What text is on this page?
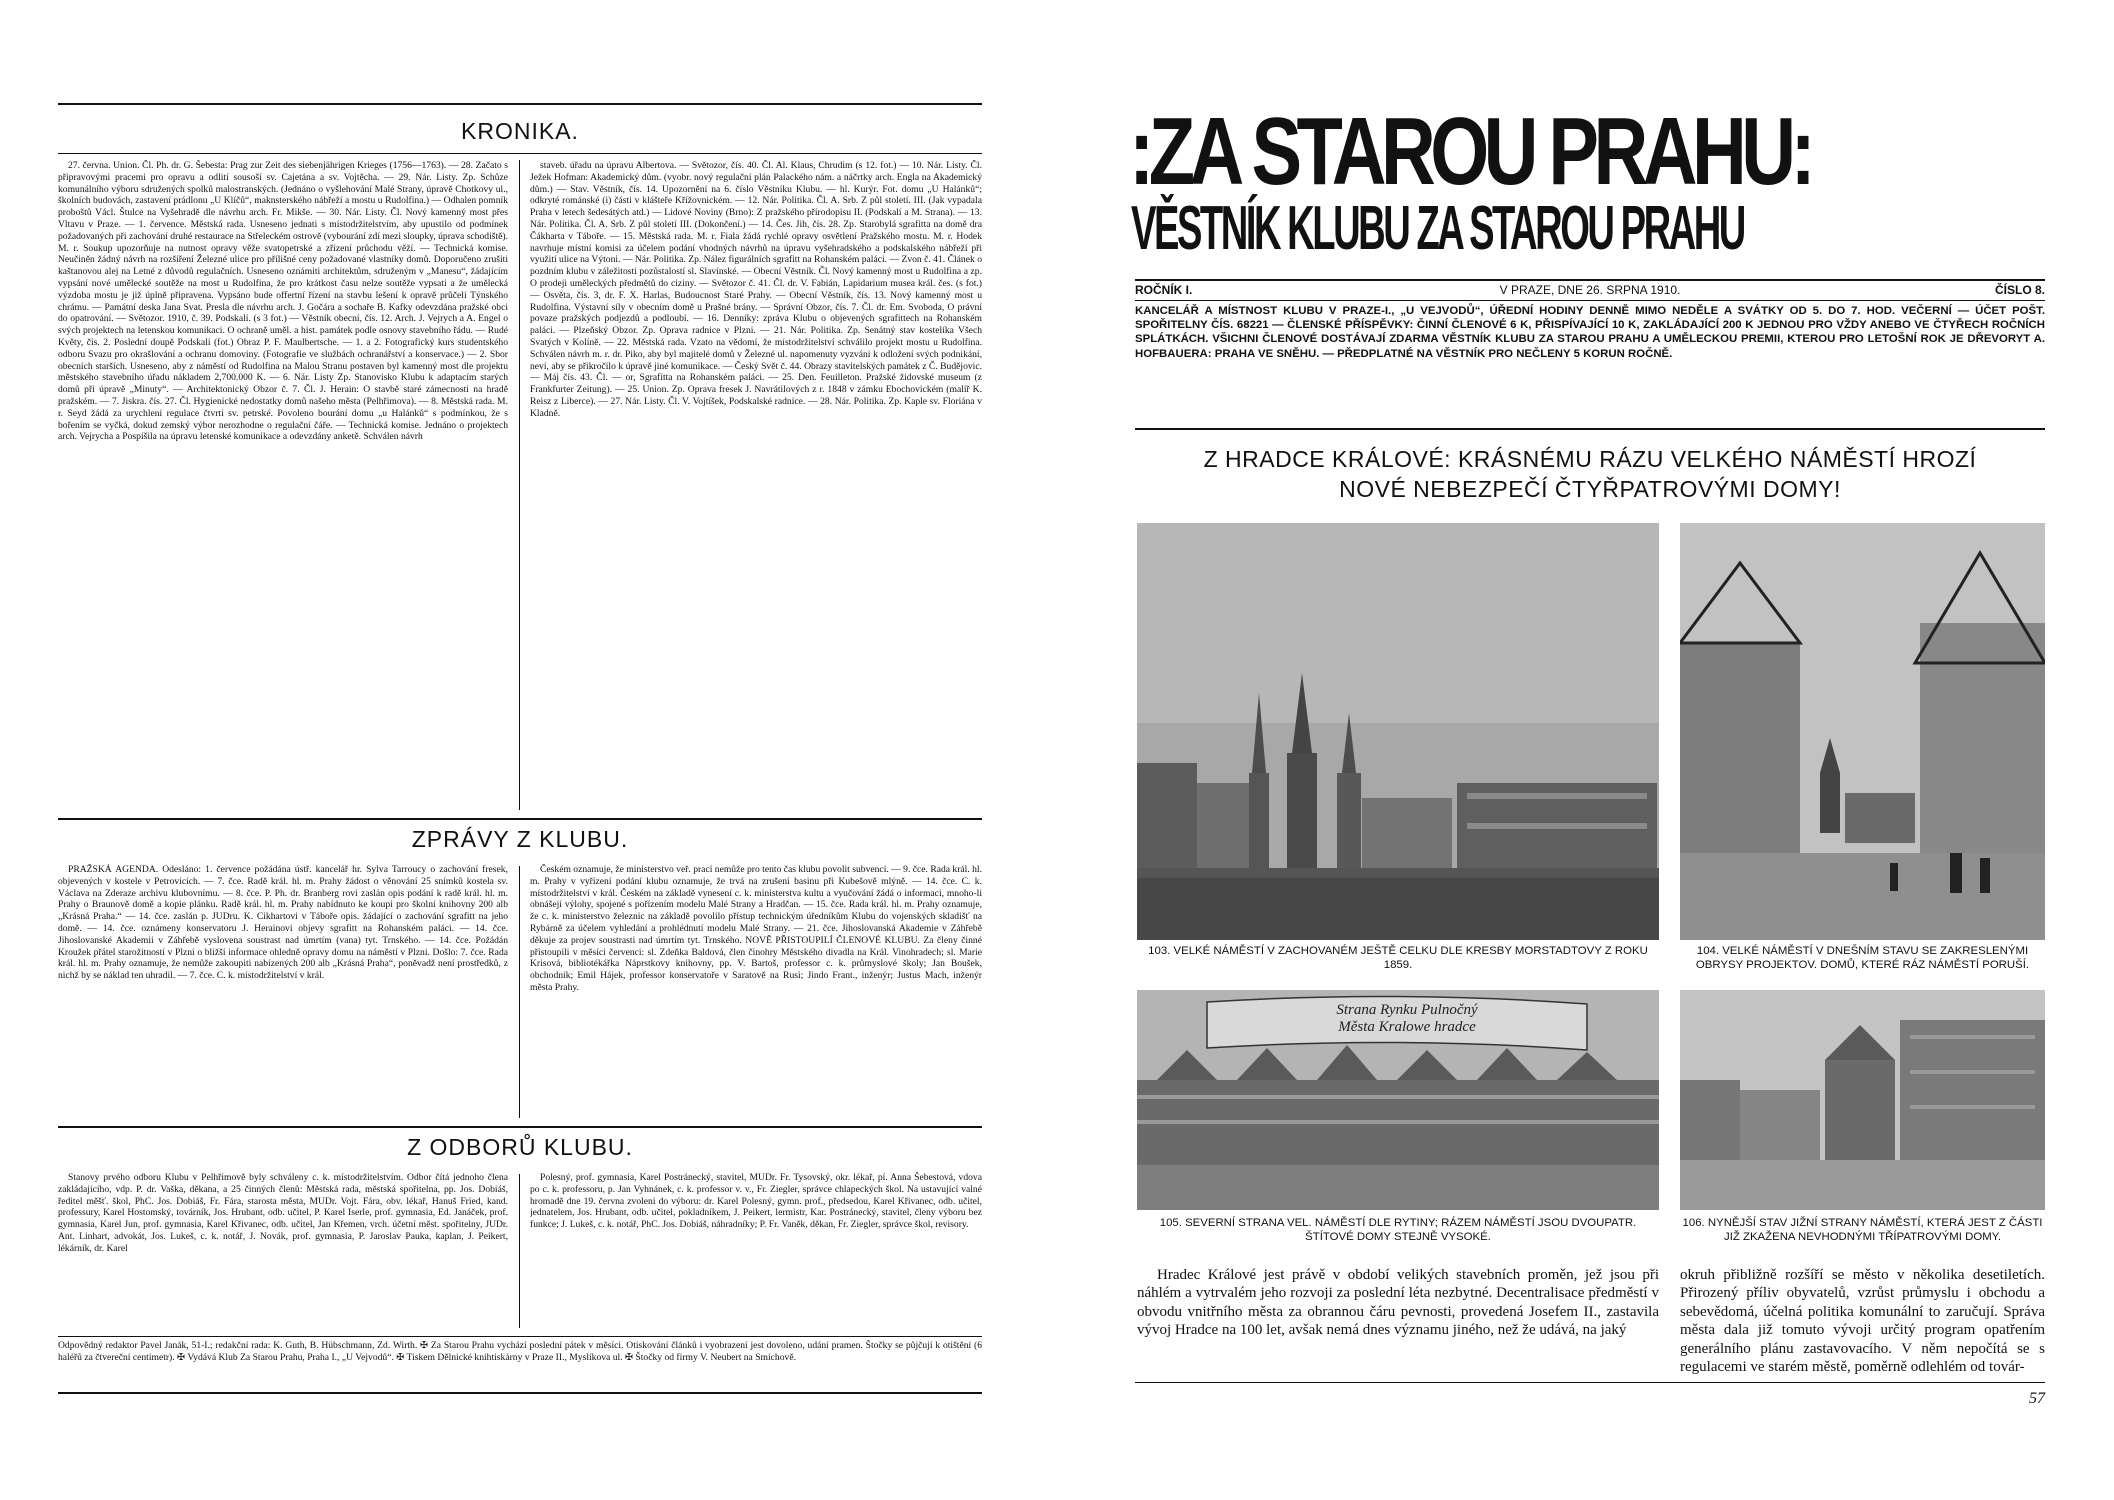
KRONIKA.

27. června. Union. Čl. Ph. dr. G. Šebesta: Prag zur Zeit des siebenjährigen Krieges (1756—1763). — 28. Začato s připravovými pracemi pro opravu a odlití sousoší sv. Cajetána a sv. Vojtěcha. — 29. Nár. Listy. Zp. Schůze komunálního výboru sdružených spolků malostranských. (Jednáno o vyšlehování Malé Strany, úpravě Chotkovy ul., školních budovách, zastavení prádlonu „U Klíčů“, maknsterského nábřeží a mostu u Rudolfina.) — Odhalen pomník proboštů Václ. Štulce na Vyšehradě dle návrhu arch. Fr. Mikše. — 30. Nár. Listy. Čl. Nový kamenný most přes Vltavu v Praze. — 1. července. Městská rada. Usneseno jednati s místodržitelstvím, aby upustilo od podmínek požadovaných při zachování druhé restaurace na Střeleckém ostrově (vybourání zdí mezi sloupky, úprava schodiště). M. r. Soukup upozorňuje na nutnost opravy věže svatopetrské a zřízení průchodu věží. — Technická komise. Neučiněn žádný návrh na rozšíření Železné ulice pro přílišné ceny požadované vlastníky domů. Doporučeno zrušiti kaštanovou alej na Letné z důvodů regulačních. Usneseno oznámiti architektům, sdruženým v „Manesu“, žádajícím vypsání nové umělecké soutěže na most u Rudolfina, že pro krátkost času nelze soutěže vypsati a že umělecká výzdoba mostu je již úplně připravena. Vypsáno bude offertní řízení na stavbu lešení k opravě průčelí Týnského chrámu. — Památní deska Jana Svat. Presla dle návrhu arch. J. Gočára a sochaře B. Kafky odevzdána pražské obci do opatrování. — Světozor. 1910, č. 39. Podskalí. (s 3 fot.) — Věstník obecní, čís. 12. Arch. J. Vejrych a A. Engel o svých projektech na letenskou komunikaci. O ochraně uměl. a hist. památek podle osnovy stavebního řádu. — Rudé Květy, čís. 2. Poslední doupě Podskalí (fot.) Obraz P. F. Maulbertsche. — 1. a 2. Fotografický kurs studentského odboru Svazu pro okrašlování a ochranu domoviny. (Fotografie ve službách ochranářství a konservace.) — 2. Sbor obecních starších. Usneseno, aby z náměstí od Rudolfina na Malou Stranu postaven byl kamenný most dle projektu městského stavebního úřadu nákladem 2,700.000 K. — 6. Nár. Listy Zp. Stanovisko Klubu k adaptacím starých domů při úpravě „Minuty“. — Architektonický Obzor č. 7. Čl. J. Herain: O stavbě staré zámecnosti na hradě pražském. — 7. Jiskra. čís. 27. Čl. Hygienické nedostatky domů našeho města (Pelhřimova). — 8. Městská rada. M. r. Seyd žádá za urychlení regulace čtvrti sv. petrské. Povoleno bourání domu „u Halánků“ s podmínkou, že s bořením se vyčká, dokud zemský výbor nerozhodne o regulační čáře. — Technická komise. Jednáno o projektech arch. Vejrycha a Pospíšila na úpravu letenské komunikace a odevzdány anketě. Schválen návrh

staveb. úřadu na úpravu Albertova. — Světozor, čís. 40. Čl. Al. Klaus, Chrudim (s 12. fot.) — 10. Nár. Listy. Čl. Ježek Hofman: Akademický dům. (vyobr. nový regulační plán Palackého nám. a náčrtky arch. Engla na Akademický dům.) — Stav. Věstník, čís. 14. Upozornění na 6. číslo Věstníku Klubu. — hl. Kurýr. Fot. domu „U Halánků“; odkryté románské (i) části v klášteře Křížovnickém. — 12. Nár. Politika. Čl. A. Srb. Z půl století. III. (Jak vypadala Praha v letech šedesátých atd.) — Lidové Noviny (Brno): Z pražského přírodopisu II. (Podskalí a M. Strana). — 13. Nár. Politika. Čl. A. Srb. Z půl století III. (Dokončení.) — 14. Čes. Jih, čís. 28. Zp. Starobylá sgrafitta na domě dra Čákharta v Táboře. — 15. Městská rada. M. r. Fiala žádá rychlé opravy osvětlení Pražského mostu. M. r. Hodek navrhuje místní komisi za účelem podání vhodných návrhů na úpravu vyšehradského a podskalského nábřeží při využití ulice na Výtoni. — Nár. Politika. Zp. Nález figurálních sgrafitt na Rohanském paláci. — Zvon č. 41. Článek o pozdním klubu v záležitosti pozůstalostí sl. Slavínské. — Obecní Věstník. Čl. Nový kamenný most u Rudolfina a zp. O prodeji uměleckých předmětů do ciziny. — Světozor č. 41. Čl. dr. V. Fabián, Lapidarium musea král. čes. (s fot.) — Osvěta, čís. 3, dr. F. X. Harlas, Budoucnost Staré Prahy. — Obecní Věstník, čís. 13. Nový kamenný most u Rudolfina. Výstavní síly v obecním domě u Prašné brány. — Správní Obzor, čís. 7. Čl. dr. Em. Svoboda, O právní povaze pražských podjezdů a podloubí. — 16. Denníky: zpráva Klubu o objevených sgrafittech na Rohanském paláci. — Plzeňský Obzor. Zp. Oprava radnice v Plzni. — 21. Nár. Politika. Zp. Senátný stav kostelíka Všech Svatých v Kolíně. — 22. Městská rada. Vzato na vědomí, že místodržitelství schválilo projekt mostu u Rudolfina. Schválen návrh m. r. dr. Piko, aby byl majitelé domů v Železné ul. napomenuty vyzváni k odložení svých podnikání, neví, aby se přikročilo k úpravě jiné komunikace. — Český Svět č. 44. Obrazy stavitelských památek z Č. Budějovic. — Máj čís. 43. Čl. — or, Sgrafitta na Rohanském paláci. — 25. Den. Feuilleton. Pražské židovské museum (z Frankfurter Zeitung). — 25. Union. Zp. Oprava fresek J. Navrátilových z r. 1848 v zámku Ebochovickém (malíř K. Reisz z Liberce). — 27. Nár. Listy. Čl. V. Vojtíšek, Podskalské radnice. — 28. Nár. Politika. Zp. Kaple sv. Floriána v Kladně.

ZPRÁVY Z KLUBU.

PRAŽSKÁ AGENDA. Odesláno: 1. července požádána ústř. kancelář hr. Sylva Tarroucy o zachování fresek, objevených v kostele v Petrovicích. — 7. čce. Radě král. hl. m. Prahy žádost o věnování 25 snímků kostela sv. Václava na Zderaze archivu klubovnímu. — 8. čce. P. Ph. dr. Branberg rovi zaslán opis podání k radě král. hl. m. Prahy o Braunově domě a kopie plánku. Radě král. hl. m. Prahy nabídnuto ke koupi pro školní knihovny 200 alb „Krásná Praha.“ — 14. čce. zaslán p. JUDru. K. Cikhartovi v Táboře opis. žádající o zachování sgrafitt na jeho domě. — 14. čce. oznámeny konservatoru J. Herainovi objevy sgrafitt na Rohanském paláci. — 14. čce. Jihoslovanské Akademii v Záhřebě vyslovena soustrast nad úmrtím (vana) tyt. Trnského. — 14. čce. Požádán Kroužek přátel starožitností v Plzni o bližší informace ohledně opravy domu na náměstí v Plzni. Došlo: 7. čce. Rada král. hl. m. Prahy oznamuje, že nemůže zakoupiti nabízených 200 alb „Krásná Praha“, poněvadž není prostředků, z nichž by se náklad ten uhradil. — 7. čce. C. k. místodržitelství v král.

Českém oznamuje, že ministerstvo veř. prací nemůže pro tento čas klubu povolit subvenci. — 9. čce. Rada král. hl. m. Prahy v vyřízení podání klubu oznamuje, že trvá na zrušení basinu při Kubešově mlýně. — 14. čce. C. k. místodržitelství v král. Českém na základě vynesení c. k. ministerstva kultu a vyučování žádá o informaci, mnoho-li obnášejí výlohy, spojené s pořízením modelu Malé Strany a Hradčan. — 15. čce. Rada král. hl. m. Prahy oznamuje, že c. k. ministerstvo železnic na základě povolilo přístup technickým úředníkům Klubu do vojenských skladišť na Rybárně za účelem vyhledání a prohlédnutí modelu Malé Strany. — 21. čce. Jihoslovanská Akademie v Záhřebě děkuje za projev soustrasti nad úmrtím tyt. Trnského. NOVĚ PŘISTOUPILÍ ČLENOVÉ KLUBU. Za členy činné přistoupili v měsíci červenci: sl. Zdeňka Baldová, člen činohry Městského divadla na Král. Vinohradech; sl. Marie Krisová, bibliotékářka Náprstkovy knihovny, pp. V. Bartoš, professor c. k. průmyslové školy; Jan Boušek, obchodník; Emil Hájek, professor konservatoře v Saratově na Rusi; Jindo Frant., inženýr; Justus Mach, inženýr města Prahy.

Z ODBORŮ KLUBU.

Stanovy prvého odboru Klubu v Pelhřimově byly schváleny c. k. místodržitelstvím. Odbor čítá jednoho člena zakládajícího, vdp. P. dr. Vaška, děkana, a 25 činných členů: Městská rada, městská spořitelna, pp. Jos. Dobiáš, ředitel měšť. škol, PhC. Jos. Dobiáš, Fr. Fára, starosta města, MUDr. Vojt. Fára, obv. lékař, Hanuš Fried, kand. professury, Karel Hostomský, továrník, Jos. Hrubant, odb. učitel, P. Karel Iserle, prof. gymnasia, Ed. Janáček, prof. gymnasia, Karel Jun, prof. gymnasia, Karel Křivanec, odb. učitel, Jan Křemen, vrch. účetní měst. spořitelny, JUDr. Ant. Linhart, advokát, Jos. Lukeš, c. k. notář, J. Novák, prof. gymnasia, P. Jaroslav Pauka, kaplan, J. Peikert, lékárník, dr. Karel

Polesný, prof. gymnasia, Karel Postránecký, stavitel, MUDr. Fr. Tysovský, okr. lékař, pí. Anna Šebestová, vdova po c. k. professoru, p. Jan Vyhnánek, c. k. professor v. v., Fr. Ziegler, správce chlapeckých škol. Na ustavující valné hromadě dne 19. června zvoleni do výboru: dr. Karel Polesný, gymn. prof., předsedou, Karel Křivanec, odb. učitel, jednatelem, Jos. Hrubant, odb. učitel, pokladníkem, J. Peikert, lermistr, Kar. Postránecký, stavitel, členy výboru bez funkce; J. Lukeš, c. k. notář, PhC. Jos. Dobiáš, náhradníky; P. Fr. Vaněk, děkan, Fr. Ziegler, správce škol, revisory.

Odpovědný redaktor Pavel Janák, 51-I.; redakční rada: K. Guth, B. Hübschmann, Zd. Wirth. ✠ Za Starou Prahu vychází poslední pátek v měsíci. Otiskování článků i vyobrazení jest dovoleno, udání pramen. Štočky se půjčují k otištění (6 haléřů za čtvereční centimetr). ✠ Vydává Klub Za Starou Prahu, Praha I., „U Vejvodů“. ✠ Tiskem Dělnické knihtiskárny v Praze II., Myslíkova ul. ✠ Štočky od firmy V. Neubert na Smíchově.
:ZA STAROU PRAHU:
VĚSTNÍK KLUBU ZA STAROU PRAHU
ROČNÍK I.	V PRAZE, DNE 26. SRPNA 1910.	ČÍSLO 8.
KANCELÁŘ A MÍSTNOST KLUBU V PRAZE-I., „U VEJVODŮ“, ÚŘEDNÍ HODINY DENNĚ MIMO NEDĚLE A SVÁTKY OD 5. DO 7. HOD. VEČERNÍ — ÚČET POŠT. SPOŘITELNY ČÍS. 68221 — ČLENSKÉ PŘÍSPĚVKY: ČINNÍ ČLENOVÉ 6 K, PŘISPÍVAJÍCÍ 10 K, ZAKLÁDAJÍCÍ 200 K JEDNOU PRO VŽDY ANEBO VE ČTYŘECH ROČNÍCH SPLÁTKÁCH. VŠICHNI ČLENOVÉ DOSTÁVAJÍ ZDARMA VĚSTNÍK KLUBU ZA STAROU PRAHU A UMĚLECKOU PREMII, KTEROU PRO LETOŠNÍ ROK JE DŘEVORYT A. HOFBAUERA: PRAHA VE SNĚHU. — PŘEDPLATNÉ NA VĚSTNÍK PRO NEČLENY 5 KORUN ROČNĚ.
Z HRADCE KRÁLOVÉ: KRÁSNÉMU RÁZU VELKÉHO NÁMĚSTÍ HROZÍ
NOVÉ NEBEZPEČÍ ČTYŘPATROVÝMI DOMY!
103. VELKÉ NÁMĚSTÍ V ZACHOVANÉM JEŠTĚ CELKU DLE KRESBY MORSTADTOVY Z ROKU 1859.
104. VELKÉ NÁMĚSTÍ V DNEŠNÍM STAVU SE ZAKRESLENÝMI OBRYSY PROJEKTOV. DOMŮ, KTERÉ RÁZ NÁMĚSTÍ PORUŠÍ.
Strana Rynku Pulnočný
Města Kralowe hradce
105. SEVERNÍ STRANA VEL. NÁMĚSTÍ DLE RYTINY; RÁZEM NÁMĚSTÍ JSOU DVOUPATR. ŠTÍTOVÉ DOMY STEJNĚ VYSOKÉ.
106. NYNĚJŠÍ STAV JIŽNÍ STRANY NÁMĚSTÍ, KTERÁ JEST Z ČÁSTI JIŽ ZKAŽENA NEVHODNÝMI TŘÍPATROVÝMI DOMY.

Hradec Králové jest právě v období velikých stavebních proměn, jež jsou při náhlém a vytrvalém jeho rozvoji za poslední léta nezbytné. Decentralisace předměstí v obvodu vnitřního města za obrannou čáru pevnosti, provedená Josefem II., zastavila vývoj Hradce na 100 let, avšak nemá dnes významu jiného, než že udává, na jaký

okruh přibližně rozšíří se město v několika desetiletích. Přirozený příliv obyvatelů, vzrůst průmyslu i obchodu a sebevědomá, účelná politika komunální to zaručují. Správa města dala již tomuto vývoji určitý program opatřením generálního plánu zastavovacího. V něm nepočítá se s regulacemi ve starém městě, poměrně odlehlém od továr-

57
